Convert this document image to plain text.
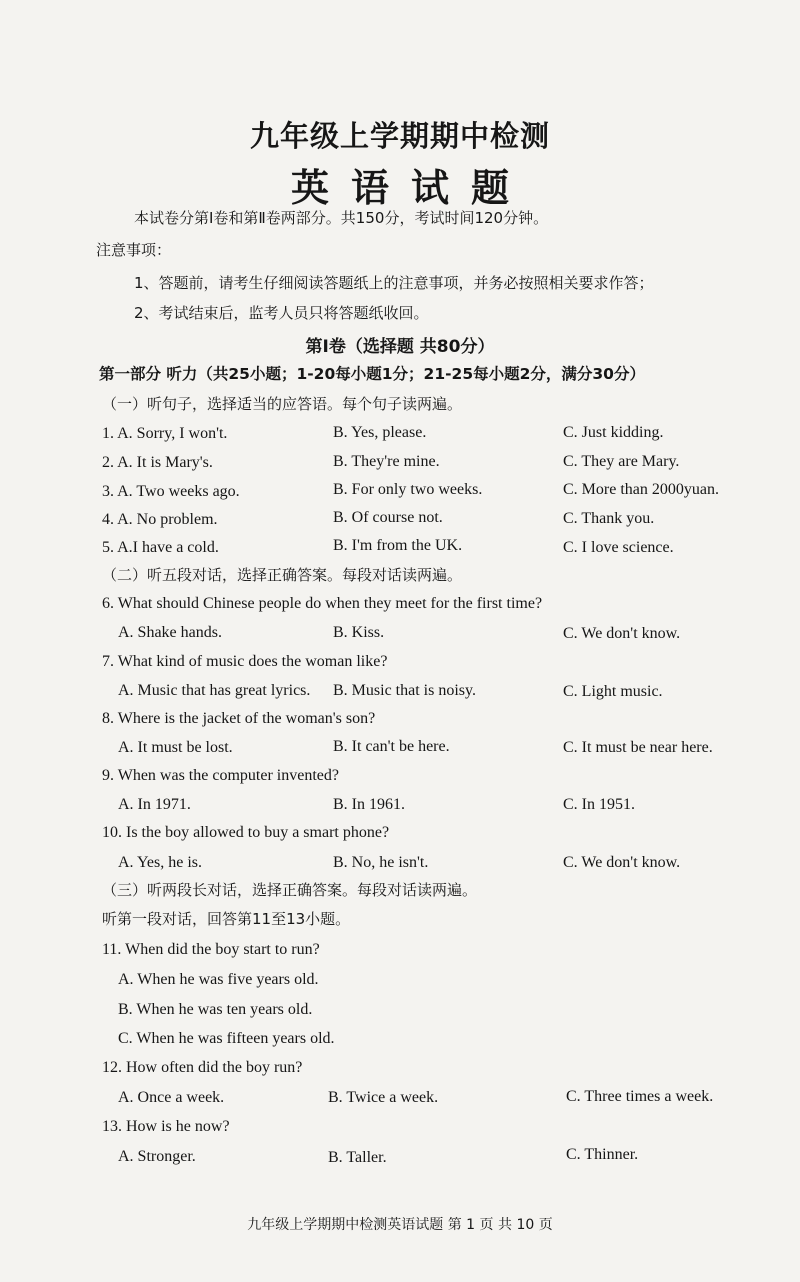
九年级上学期期中检测
英语试题
本试卷分第Ⅰ卷和第Ⅱ卷两部分。共150分，考试时间120分钟。
注意事项：
1、答题前，请考生仔细阅读答题纸上的注意事项，并务必按照相关要求作答；
2、考试结束后，监考人员只将答题纸收回。
第Ⅰ卷（选择题 共80分）
第一部分 听力（共25小题；1-20每小题1分；21-25每小题2分，满分30分）
（一）听句子，选择适当的应答语。每个句子读两遍。
1. A. Sorry, I won't.	B. Yes, please.	C. Just kidding.
2. A. It is Mary's.	B. They're mine.	C. They are Mary.
3. A. Two weeks ago.	B. For only two weeks.	C. More than 2000yuan.
4. A. No problem.	B. Of course not.	C. Thank you.
5. A.I have a cold.	B. I'm from the UK.	C. I love science.
（二）听五段对话，选择正确答案。每段对话读两遍。
6. What should Chinese people do when they meet for the first time?
A. Shake hands.	B. Kiss.	C. We don't know.
7. What kind of music does the woman like?
A. Music that has great lyrics. B. Music that is noisy.	C. Light music.
8. Where is the jacket of the woman's son?
A. It must be lost.	B. It can't be here.	C. It must be near here.
9. When was the computer invented?
A. In 1971.	B. In 1961.	C. In 1951.
10. Is the boy allowed to buy a smart phone?
A. Yes, he is.	B. No, he isn't.	C. We don't know.
（三）听两段长对话，选择正确答案。每段对话读两遍。
听第一段对话，回答第11至13小题。
11. When did the boy start to run?
A. When he was five years old.
B. When he was ten years old.
C. When he was fifteen years old.
12. How often did the boy run?
A. Once a week.	B. Twice a week.	C. Three times a week.
13. How is he now?
A. Stronger.	B. Taller.	C. Thinner.
九年级上学期期中检测英语试题 第 1 页 共 10 页
